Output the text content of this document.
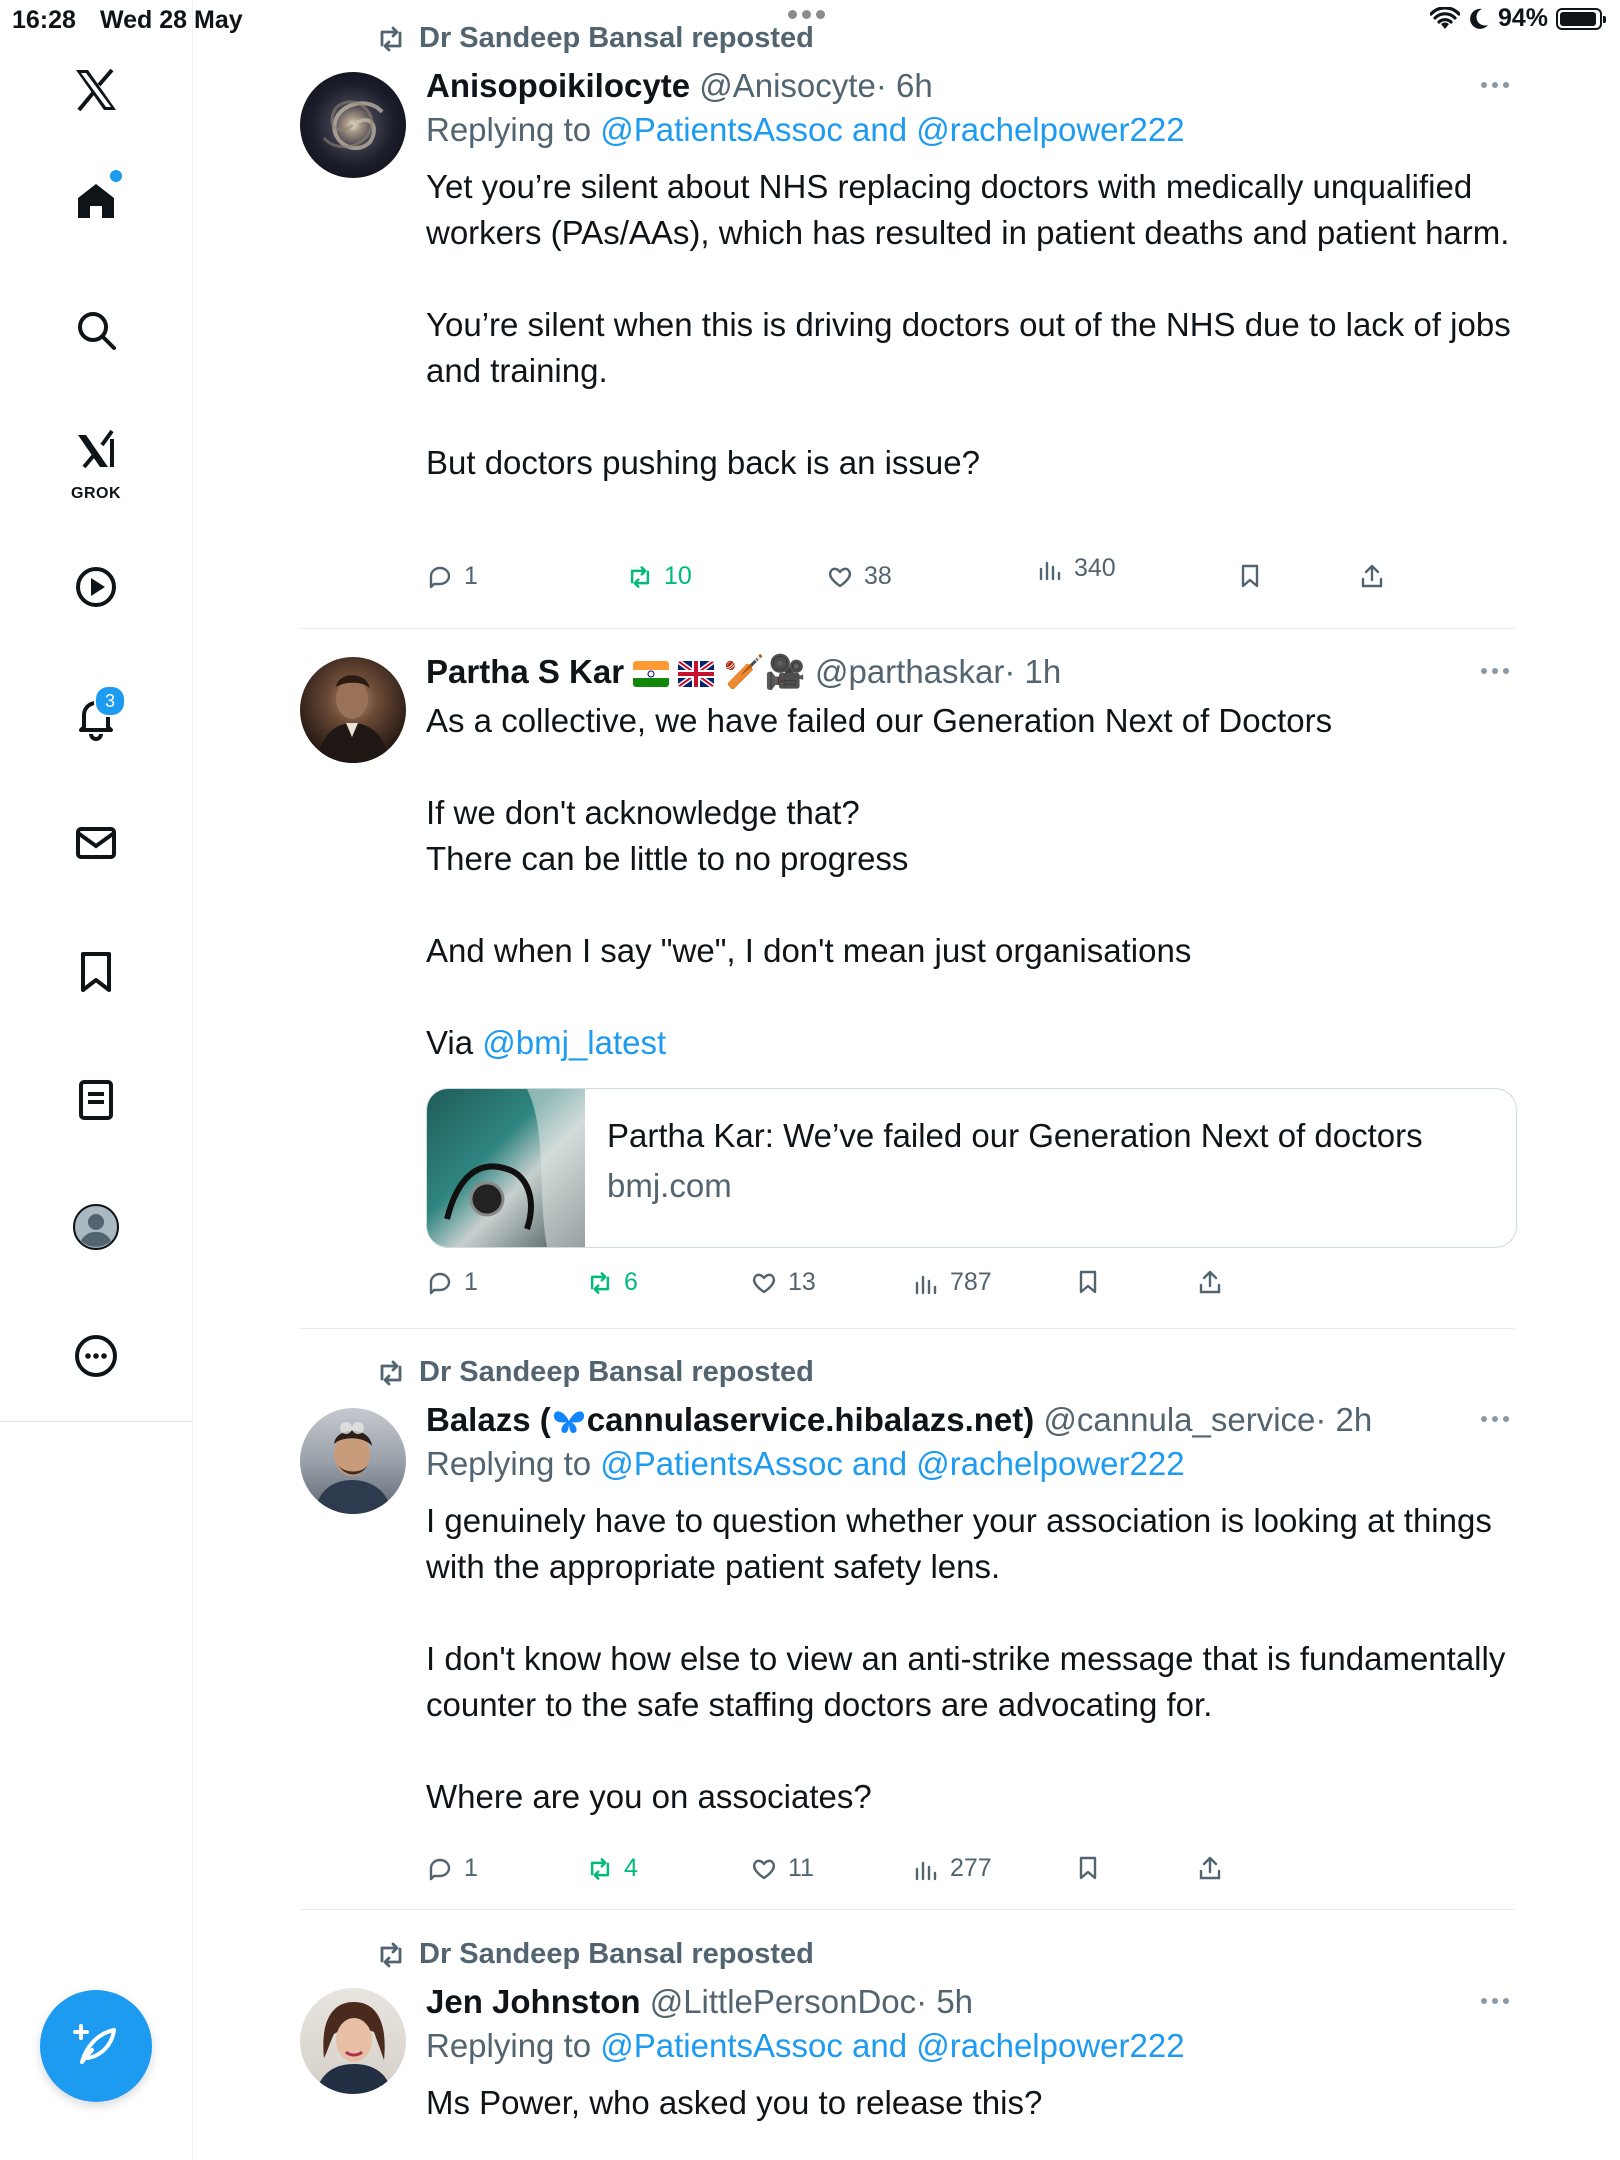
16:28 Wed 28 May	94%
GROK
3
Dr Sandeep Bansal reposted
Anisopoikilocyte @Anisocyte· 6h
Replying to @PatientsAssoc and @rachelpower222
Yet you’re silent about NHS replacing doctors with medically unqualified workers (PAs/AAs), which has resulted in patient deaths and patient harm.
You’re silent when this is driving doctors out of the NHS due to lack of jobs and training.
But doctors pushing back is an issue?
1	10	38	340
Partha S Kar	🏏🎥 @parthaskar· 1h
As a collective, we have failed our Generation Next of Doctors
If we don't acknowledge that?
There can be little to no progress
And when I say "we", I don't mean just organisations
Via @bmj_latest
Partha Kar: We’ve failed our Generation Next of doctors
bmj.com
1	6	13	787
Dr Sandeep Bansal reposted
Balazs ( cannulaservice.hibalazs.net) @cannula_service· 2h
Replying to @PatientsAssoc and @rachelpower222
I genuinely have to question whether your association is looking at things with the appropriate patient safety lens.
I don't know how else to view an anti-strike message that is fundamentally counter to the safe staffing doctors are advocating for.
Where are you on associates?
1	4	11	277
Dr Sandeep Bansal reposted
Jen Johnston @LittlePersonDoc· 5h
Replying to @PatientsAssoc and @rachelpower222
Ms Power, who asked you to release this?
